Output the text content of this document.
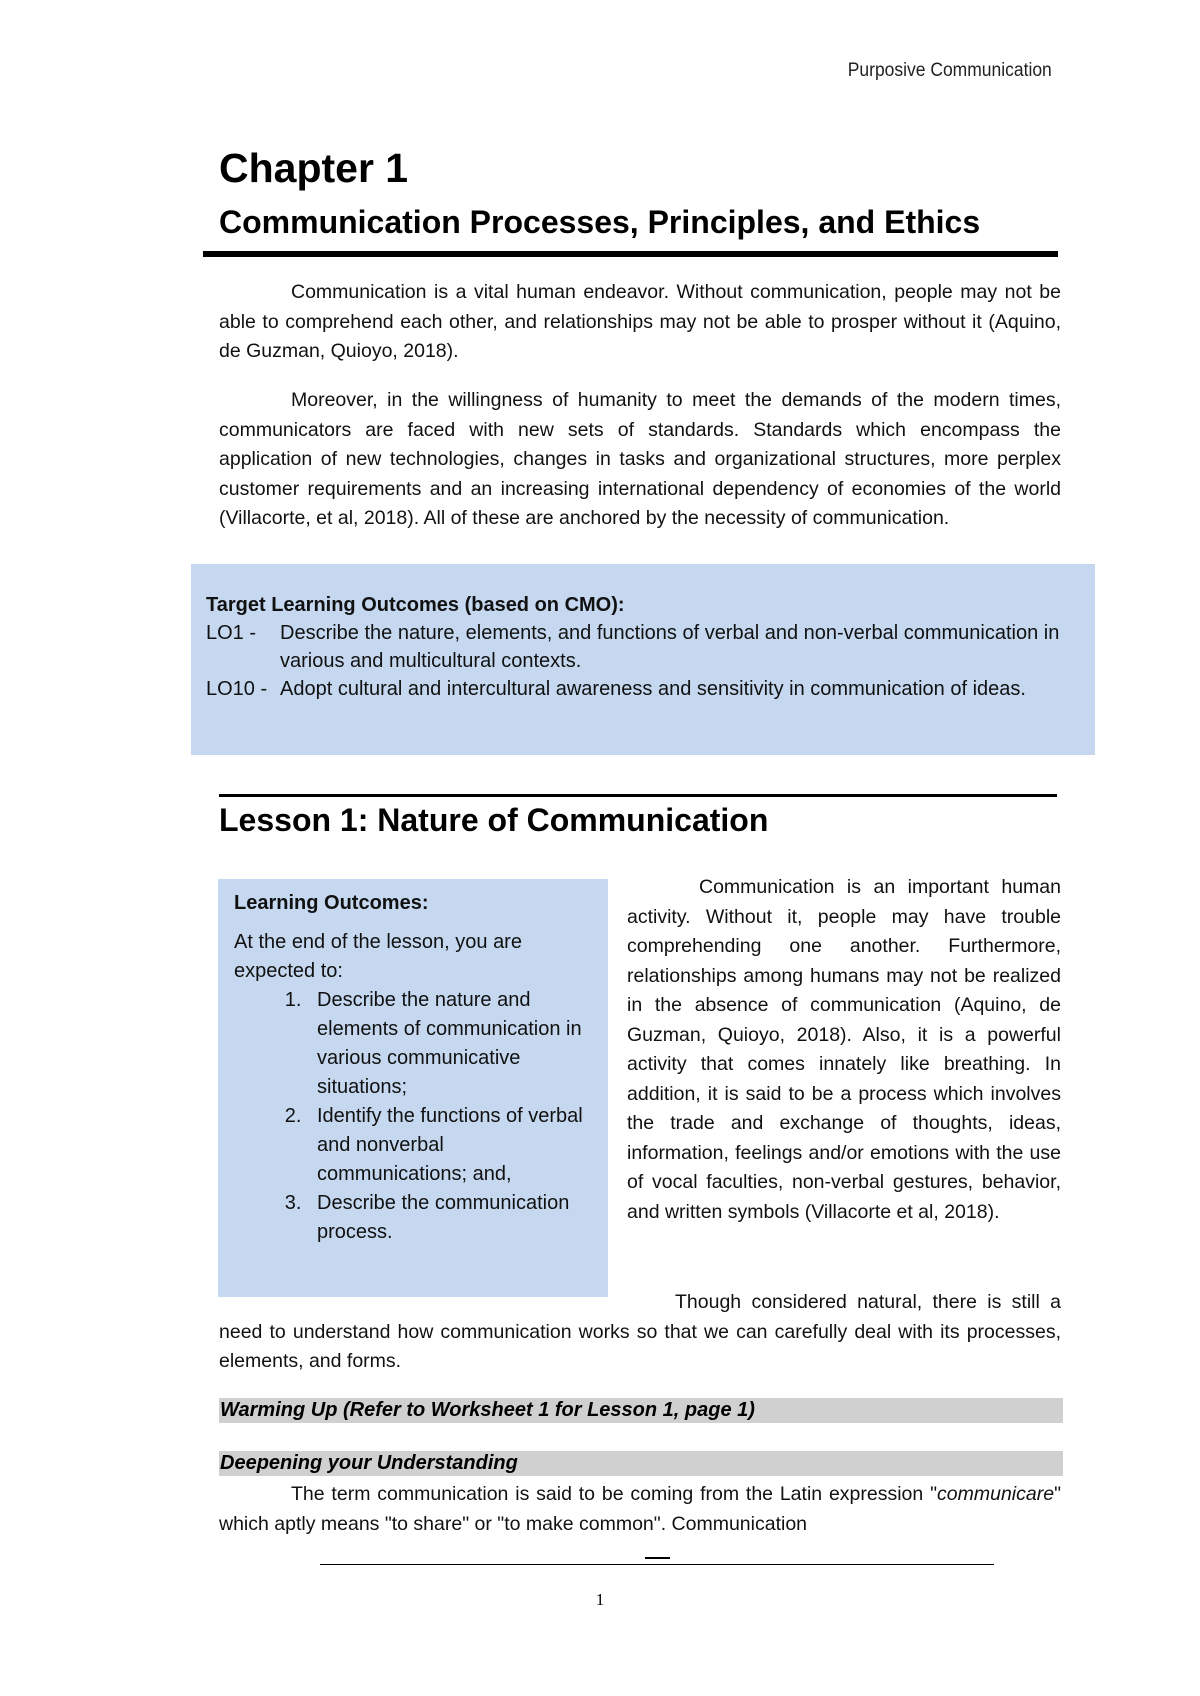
Purposive Communication
Chapter 1
Communication Processes, Principles, and Ethics

Communication is a vital human endeavor. Without communication, people may not be able to comprehend each other, and relationships may not be able to prosper without it (Aquino, de Guzman, Quioyo, 2018).

Moreover, in the willingness of humanity to meet the demands of the modern times, communicators are faced with new sets of standards. Standards which encompass the application of new technologies, changes in tasks and organizational structures, more perplex customer requirements and an increasing international dependency of economies of the world (Villacorte, et al, 2018). All of these are anchored by the necessity of communication.

Target Learning Outcomes (based on CMO):

LO1 -	Describe the nature, elements, and functions of verbal and non-verbal communication in various and multicultural contexts.
LO10 - Adopt cultural and intercultural awareness and sensitivity in communication of ideas.
Lesson 1: Nature of Communication

Learning Outcomes:

At the end of the lesson, you are expected to:

1. Describe the nature and elements of communication in various communicative situations;
2. Identify the functions of verbal and nonverbal communications; and,
3. Describe the communication process.

Communication is an important human activity. Without it, people may have trouble comprehending one another. Furthermore, relationships among humans may not be realized in the absence of communication (Aquino, de Guzman, Quioyo, 2018). Also, it is a powerful activity that comes innately like breathing. In addition, it is said to be a process which involves the trade and exchange of thoughts, ideas, information, feelings and/or emotions with the use of vocal faculties, non-verbal gestures, behavior, and written symbols (Villacorte et al, 2018).

Though considered natural, there is still a need to understand how communication works so that we can carefully deal with its processes, elements, and forms.

Warming Up (Refer to Worksheet 1 for Lesson 1, page 1)
Deepening your Understanding

The term communication is said to be coming from the Latin expression "communicare" which aptly means "to share" or "to make common". Communication

1
